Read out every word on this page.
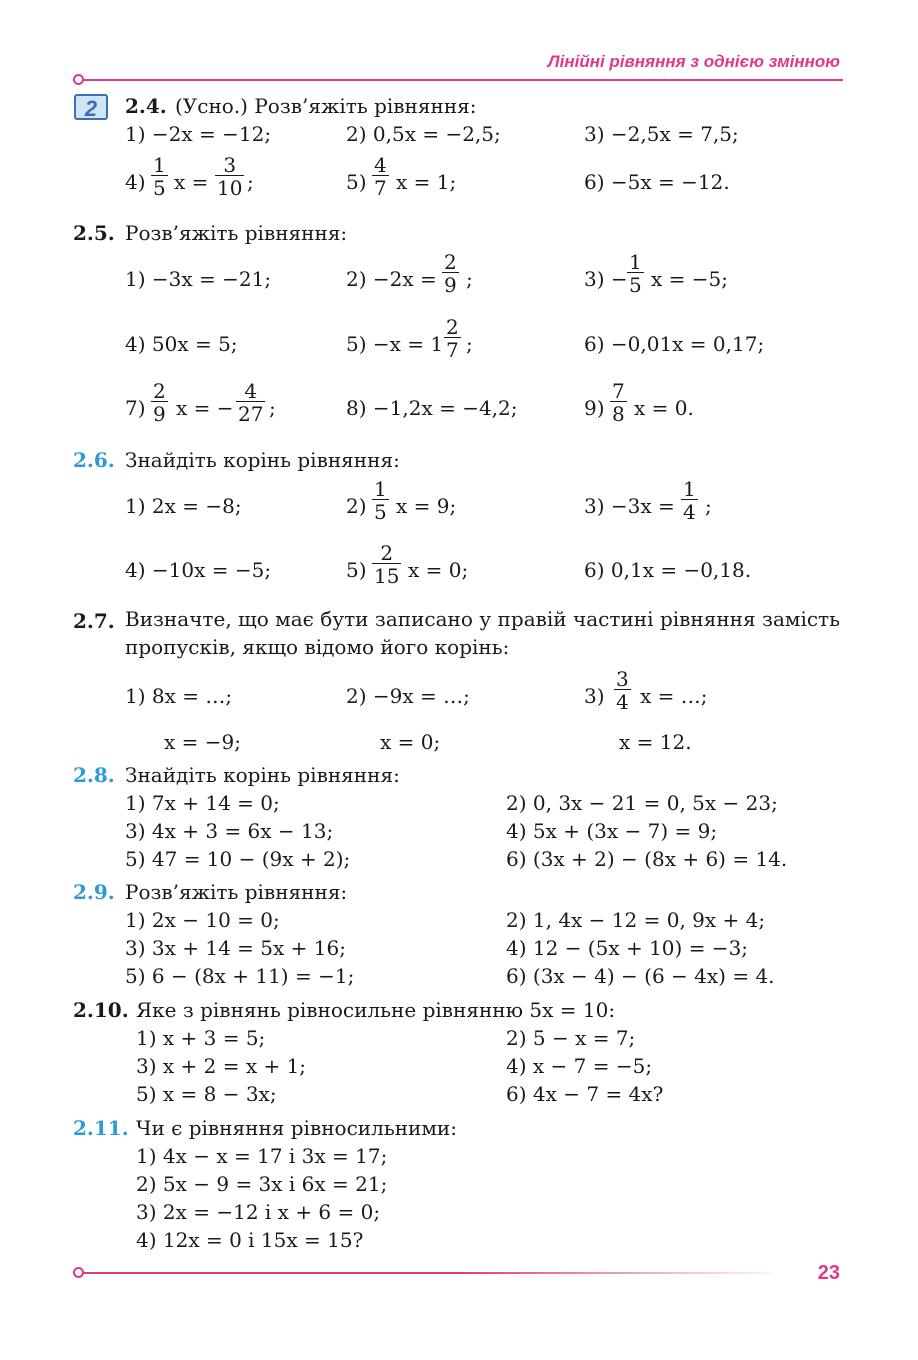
Лінійні рівняння з однією змінною
2	2.4. (Усно.) Розв’яжіть рівняння:
1) −2x = −12;	2) 0,5x = −2,5;	3) −2,5x = 7,5;
$4) \frac{1}{5}$ $x = \frac{3}{10}$ ;	$5) \frac{4}{7}$ x = 1;	6) −5x = −12.
2.5. Розв’яжіть рівняння:
1) −3x = −21;	$2) -2x = \frac{2}{9}$ ;	$3) - \frac{1}{5}$ x = −5;
4) 50x = 5;	$5) -x = 1 \frac{2}{7}$ ;	6) −0,01x = 0,17;
$7) \frac{2}{9}$ x = − $\frac{4}{27}$ ;	8) −1,2x = −4,2;	$9) \frac{7}{8}$ x = 0.
2.6. Знайдіть корінь рівняння:
1) 2x = −8;	$2) \frac{1}{5}$ x = 9;	$3) -3x = \frac{1}{4}$ ;
4) −10x = −5;	$5) \frac{2}{15}$ x = 0;	6) 0,1x = −0,18.
2.7. Визначте, що має бути записано у правій частині рівняння замість пропусків, якщо відомо його корінь:
1) 8x = …;	2) −9x = …;	$3) \frac{3}{4}$ x = …;
x = −9;	x = 0;	x = 12.
2.8. Знайдіть корінь рівняння:
1) 7x + 14 = 0;	2) 0, 3x − 21 = 0, 5x − 23;
3) 4x + 3 = 6x − 13;	4) 5x + (3x − 7) = 9;
5) 47 = 10 − (9x + 2);	6) (3x + 2) − (8x + 6) = 14.
2.9. Розв’яжіть рівняння:
1) 2x − 10 = 0;	2) 1, 4x − 12 = 0, 9x + 4;
3) 3x + 14 = 5x + 16;	4) 12 − (5x + 10) = −3;
5) 6 − (8x + 11) = −1;	6) (3x − 4) − (6 − 4x) = 4.
2.10. Яке з рівнянь рівносильне рівнянню 5x = 10:
1) x + 3 = 5;	2) 5 − x = 7;
3) x + 2 = x + 1;	4) x − 7 = −5;
5) x = 8 − 3x;	6) 4x − 7 = 4x?
2.11. Чи є рівняння рівносильними:
1) 4x − x = 17 і 3x = 17;
2) 5x − 9 = 3x і 6x = 21;
3) 2x = −12 і x + 6 = 0;
4) 12x = 0 і 15x = 15?
23
